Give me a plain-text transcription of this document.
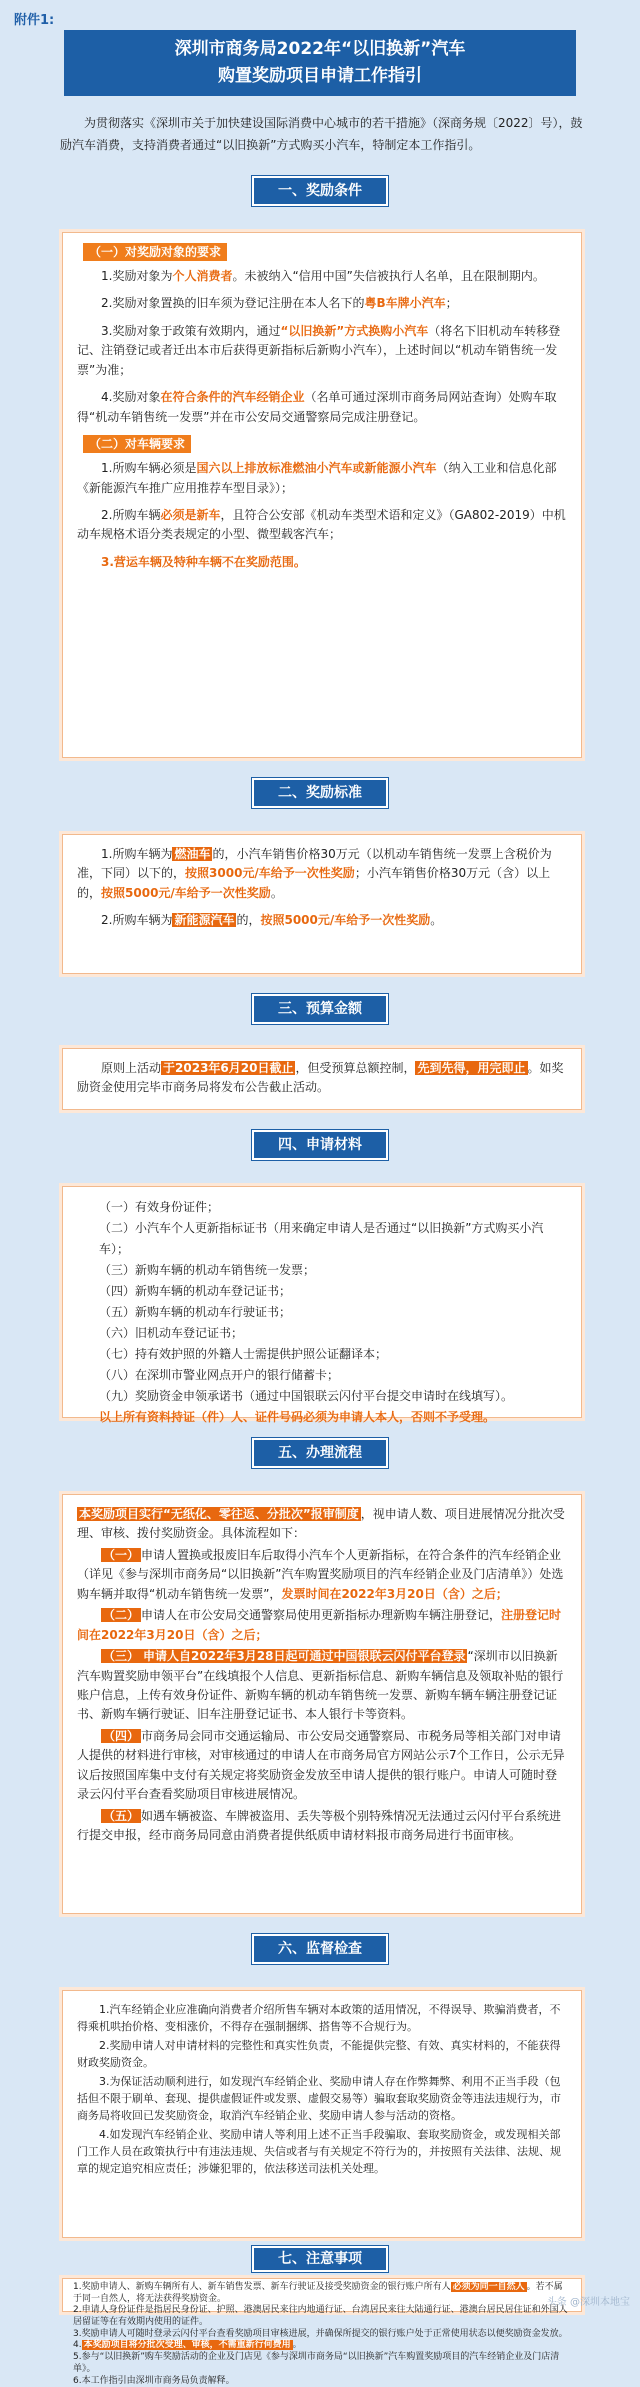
附件1:
深圳市商务局2022年“以旧换新”汽车
购置奖励项目申请工作指引
为贯彻落实《深圳市关于加快建设国际消费中心城市的若干措施》（深商务规〔2022〕号），鼓励汽车消费，支持消费者通过“以旧换新”方式购买小汽车，特制定本工作指引。
一、奖励条件
（一）对奖励对象的要求
1.奖励对象为个人消费者。未被纳入“信用中国”失信被执行人名单，且在限制期内。
2.奖励对象置换的旧车须为登记注册在本人名下的粤B车牌小汽车；
3.奖励对象于政策有效期内，通过“以旧换新”方式换购小汽车（将名下旧机动车转移登记、注销登记或者迁出本市后获得更新指标后新购小汽车），上述时间以“机动车销售统一发票”为准；
4.奖励对象在符合条件的汽车经销企业（名单可通过深圳市商务局网站查询）处购车取得“机动车销售统一发票”并在市公安局交通警察局完成注册登记。
（二）对车辆要求
1.所购车辆必须是国六以上排放标准燃油小汽车或新能源小汽车（纳入工业和信息化部《新能源汽车推广应用推荐车型目录》）；
2.所购车辆必须是新车，且符合公安部《机动车类型术语和定义》（GA802-2019）中机动车规格术语分类表规定的小型、微型载客汽车；
3.营运车辆及特种车辆不在奖励范围。
二、奖励标准
1.所购车辆为 燃油车 的，小汽车销售价格30万元（以机动车销售统一发票上含税价为准，下同）以下的，按照3000元/车给予一次性奖励；小汽车销售价格30万元（含）以上的，按照5000元/车给予一次性奖励。
2.所购车辆为 新能源汽车 的，按照5000元/车给予一次性奖励。
三、预算金额
原则上活动 于2023年6月20日截止 ，但受预算总额控制， 先到先得，用完即止 。如奖励资金使用完毕市商务局将发布公告截止活动。
四、申请材料
（一）有效身份证件；
（二）小汽车个人更新指标证书（用来确定申请人是否通过“以旧换新”方式购买小汽车）；
（三）新购车辆的机动车销售统一发票；
（四）新购车辆的机动车登记证书；
（五）新购车辆的机动车行驶证书；
（六）旧机动车登记证书；
（七）持有效护照的外籍人士需提供护照公证翻译本；
（八）在深圳市警业网点开户的银行储蓄卡；
（九）奖励资金申领承诺书（通过中国银联云闪付平台提交申请时在线填写）。
以上所有资料持证（件）人、证件号码必须为申请人本人，否则不予受理。
五、办理流程
本奖励项目实行“无纸化、零往返、分批次”报审制度 ，视申请人数、项目进展情况分批次受理、审核、拨付奖励资金。具体流程如下：
（一） 申请人置换或报废旧车后取得小汽车个人更新指标，在符合条件的汽车经销企业（详见《参与深圳市商务局“以旧换新”汽车购置奖励项目的汽车经销企业及门店清单》）处选购车辆并取得“机动车销售统一发票”，发票时间在2022年3月20日（含）之后；
（二） 申请人在市公安局交通警察局使用更新指标办理新购车辆注册登记，注册登记时间在2022年3月20日（含）之后；
（三） 申请人自2022年3月28日起可通过中国银联云闪付平台登录 “深圳市以旧换新汽车购置奖励申领平台”在线填报个人信息、更新指标信息、新购车辆信息及领取补贴的银行账户信息，上传有效身份证件、新购车辆的机动车销售统一发票、新购车辆车辆注册登记证书、新购车辆行驶证、旧车注册登记证书、本人银行卡等资料。
（四） 市商务局会同市交通运输局、市公安局交通警察局、市税务局等相关部门对申请人提供的材料进行审核，对审核通过的申请人在市商务局官方网站公示7个工作日，公示无异议后按照国库集中支付有关规定将奖励资金发放至申请人提供的银行账户。申请人可随时登录云闪付平台查看奖励项目审核进展情况。
（五） 如遇车辆被盗、车牌被盗用、丢失等极个别特殊情况无法通过云闪付平台系统进行提交申报，经市商务局同意由消费者提供纸质申请材料报市商务局进行书面审核。
六、监督检查
1.汽车经销企业应准确向消费者介绍所售车辆对本政策的适用情况，不得误导、欺骗消费者，不得乘机哄抬价格、变相涨价，不得存在强制捆绑、搭售等不合规行为。
2.奖励申请人对申请材料的完整性和真实性负责，不能提供完整、有效、真实材料的，不能获得财政奖励资金。
3.为保证活动顺利进行，如发现汽车经销企业、奖励申请人存在作弊舞弊、利用不正当手段（包括但不限于刷单、套现、提供虚假证件或发票、虚假交易等）骗取套取奖励资金等违法违规行为，市商务局将收回已发奖励资金，取消汽车经销企业、奖励申请人参与活动的资格。
4.如发现汽车经销企业、奖励申请人等利用上述不正当手段骗取、套取奖励资金，或发现相关部门工作人员在政策执行中有违法违规、失信或者与有关规定不符行为的，并按照有关法律、法规、规章的规定追究相应责任；涉嫌犯罪的，依法移送司法机关处理。
七、注意事项
1.奖励申请人、新购车辆所有人、新车销售发票、新车行驶证及接受奖励资金的银行账户所有人 必须为同一自然人 。若不属于同一自然人，将无法获得奖励资金。
2.申请人身份证件是指居民身份证、护照、港澳居民来往内地通行证、台湾居民来往大陆通行证、港澳台居民居住证和外国人居留证等在有效期内使用的证件。
3.奖励申请人可随时登录云闪付平台查看奖励项目审核进展，并确保所提交的银行账户处于正常使用状态以便奖励资金发放。
4. 本奖励项目将分批次受理、审核，不需重新行何费用 。
5.参与“以旧换新”购车奖励活动的企业及门店见《参与深圳市商务局“以旧换新”汽车购置奖励项目的汽车经销企业及门店清单》。
6.本工作指引由深圳市商务局负责解释。
头条 @深圳本地宝
